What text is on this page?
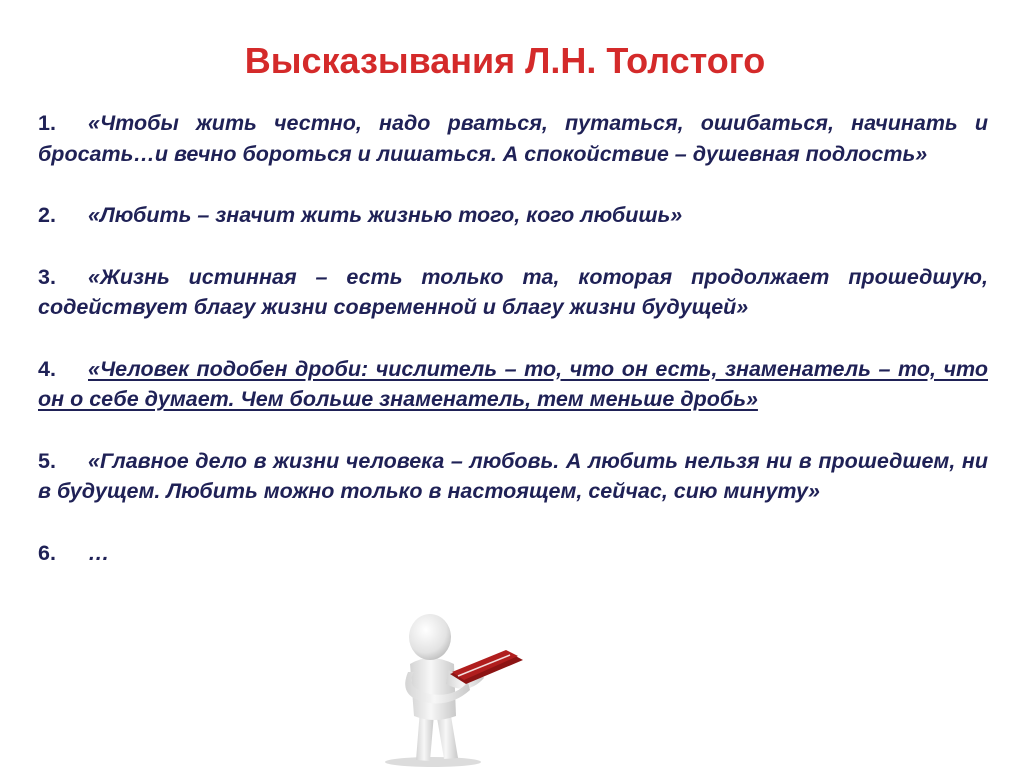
Высказывания Л.Н. Толстого

1. «Чтобы жить честно, надо рваться, путаться, ошибаться, начинать и бросать…и вечно бороться и лишаться. А спокойствие – душевная подлость»

2. «Любить – значит жить жизнью того, кого любишь»

3. «Жизнь истинная – есть только та, которая продолжает прошедшую, содействует благу жизни современной и благу жизни будущей»

4. «Человек подобен дроби: числитель – то, что он есть, знаменатель – то, что он о себе думает. Чем больше знаменатель, тем меньше дробь»

5. «Главное дело в жизни человека – любовь. А любить нельзя ни в прошедшем, ни в будущем. Любить можно только в настоящем, сейчас, сию минуту»

6. …
